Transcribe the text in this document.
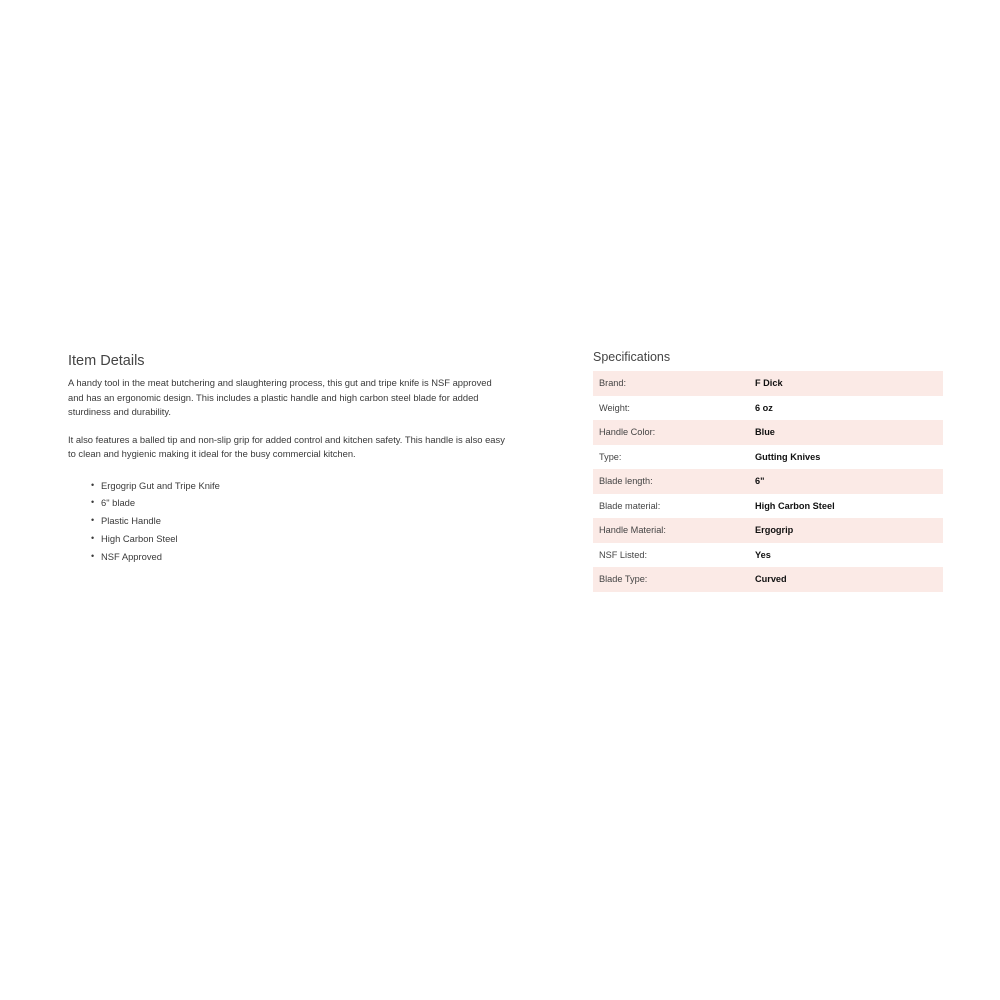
Item Details

A handy tool in the meat butchering and slaughtering process, this gut and tripe knife is NSF approved and has an ergonomic design. This includes a plastic handle and high carbon steel blade for added sturdiness and durability.

It also features a balled tip and non-slip grip for added control and kitchen safety. This handle is also easy to clean and hygienic making it ideal for the busy commercial kitchen.

• Ergogrip Gut and Tripe Knife
• 6" blade
• Plastic Handle
• High Carbon Steel
• NSF Approved
Specifications
Brand:	F Dick
Weight:	6 oz
Handle Color:	Blue
Type:	Gutting Knives
Blade length:	6"
Blade material:	High Carbon Steel
Handle Material:	Ergogrip
NSF Listed:	Yes
Blade Type:	Curved
